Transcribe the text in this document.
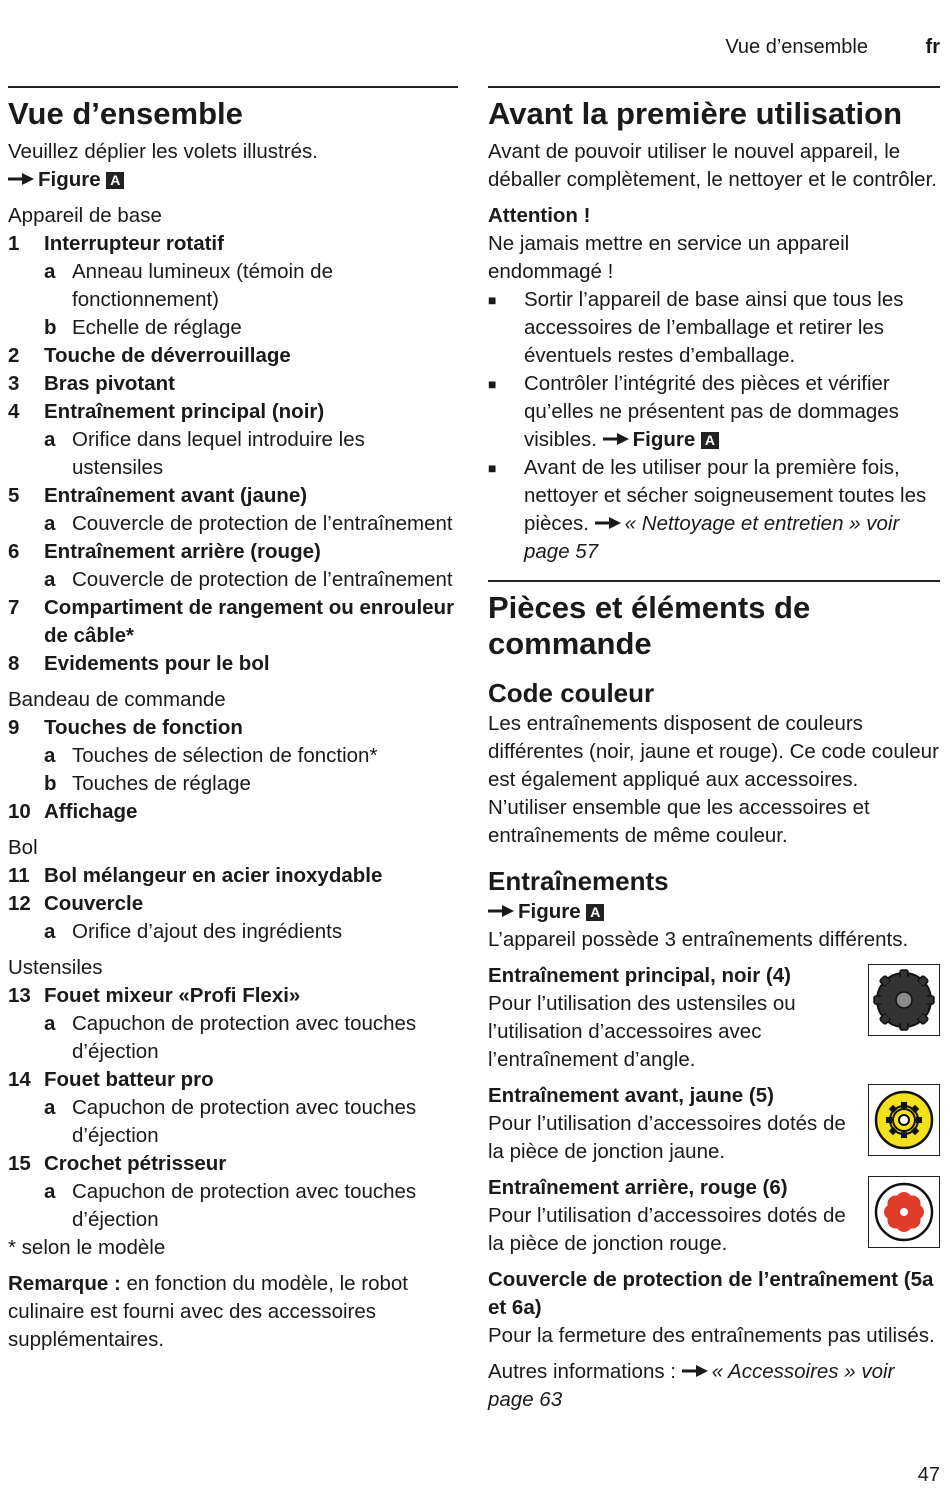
Vue d’ensemble	fr
Vue d’ensemble

Veuillez déplier les volets illustrés.

Figure A

Appareil de base

1	Interrupteur rotatif
a Anneau lumineux (témoin de fonctionnement)
b Echelle de réglage
2	Touche de déverrouillage
3	Bras pivotant
4	Entraînement principal (noir)
a Orifice dans lequel introduire les ustensiles
5	Entraînement avant (jaune)
a Couvercle de protection de l’entraînement
6	Entraînement arrière (rouge)
a Couvercle de protection de l’entraînement
7	Compartiment de rangement ou enrouleur de câble*
8	Evidements pour le bol

Bandeau de commande

9	Touches de fonction
a Touches de sélection de fonction*
b Touches de réglage
10 Affichage

Bol

11 Bol mélangeur en acier inoxydable
12 Couvercle
a Orifice d’ajout des ingrédients

Ustensiles

13 Fouet mixeur «Profi Flexi»
a Capuchon de protection avec touches d’éjection
14 Fouet batteur pro
a Capuchon de protection avec touches d’éjection
15 Crochet pétrisseur
a Capuchon de protection avec touches d’éjection

* selon le modèle

Remarque : en fonction du modèle, le robot culinaire est fourni avec des accessoires supplémentaires.

Avant la première utilisation

Avant de pouvoir utiliser le nouvel appareil, le déballer complètement, le nettoyer et le contrôler.

Attention !

Ne jamais mettre en service un appareil endommagé !

■	Sortir l’appareil de base ainsi que tous les accessoires de l’emballage et retirer les éventuels restes d’emballage.
■	Contrôler l’intégrité des pièces et vérifier qu’elles ne présentent pas de dommages visibles. Figure A
■	Avant de les utiliser pour la première fois, nettoyer et sécher soigneusement toutes les pièces. « Nettoyage et entretien » voir page 57
Pièces et éléments de commande
Code couleur

Les entraînements disposent de couleurs différentes (noir, jaune et rouge). Ce code couleur est également appliqué aux accessoires. N’utiliser ensemble que les accessoires et entraînements de même couleur.

Entraînements

Figure A

L’appareil possède 3 entraînements différents.

Entraînement principal, noir (4)

Pour l’utilisation des ustensiles ou l’utilisation d’accessoires avec l’entraînement d’angle.

Entraînement avant, jaune (5)

Pour l’utilisation d’accessoires dotés de la pièce de jonction jaune.

Entraînement arrière, rouge (6)

Pour l’utilisation d’accessoires dotés de la pièce de jonction rouge.

Couvercle de protection de l’entraînement (5a et 6a)

Pour la fermeture des entraînements pas utilisés.

Autres informations : « Accessoires » voir page 63

47
